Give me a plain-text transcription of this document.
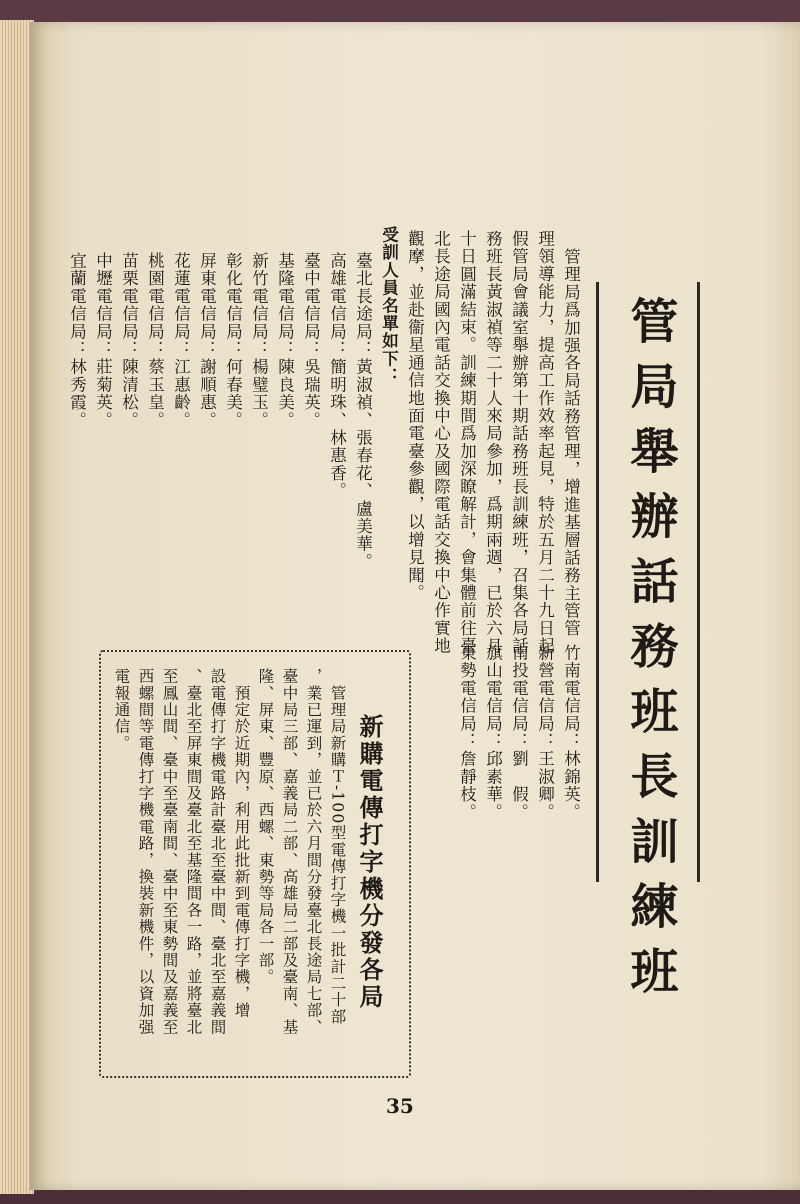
管局舉辦話務班長訓練班
管理局爲加强各局話務管理，增進基層話務主管管
理領導能力，提高工作效率起見，特於五月二十九日起
假管局會議室舉辦第十期話務班長訓練班，召集各局話
務班長黃淑禎等二十人來局參加，爲期兩週，已於六月
十日圓滿結束。訓練期間爲加深瞭解計，會集體前往臺
北長途局國內電話交換中心及國際電話交換中心作實地
觀摩，並赴衞星通信地面電臺參觀，以增見聞。
受訓人員名單如下：
臺北長途局：黃淑禎、張春花、盧美華。
高雄電信局：簡明珠、林惠香。
臺中電信局：吳瑞英。
基隆電信局：陳良美。
新竹電信局：楊璧玉。
彰化電信局：何春美。
屏東電信局：謝順惠。
花蓮電信局：江惠齡。
桃園電信局：蔡玉皇。
苗栗電信局：陳清松。
中壢電信局：莊菊英。
宜蘭電信局：林秀霞。
竹南電信局：林錦英。
新營電信局：王淑卿。
南投電信局：劉　假。
旗山電信局：邱素華。
東勢電信局：詹靜枝。
新購電傳打字機分發各局
　管理局新購Ｔ-100型電傳打字機一批計二十部
，業已運到，並已於六月間分發臺北長途局七部、
臺中局三部、嘉義局二部、高雄局二部及臺南、基
隆、屏東、豐原、西螺、東勢等局各一部。
　預定於近期內，利用此批新到電傳打字機，增
設電傳打字機電路計臺北至臺中間、臺北至嘉義間
、臺北至屏東間及臺北至基隆間各一路，並將臺北
至鳳山間、臺中至臺南間、臺中至東勢間及嘉義至
西螺間等電傳打字機電路，換裝新機件，以資加强
電報通信。
35
